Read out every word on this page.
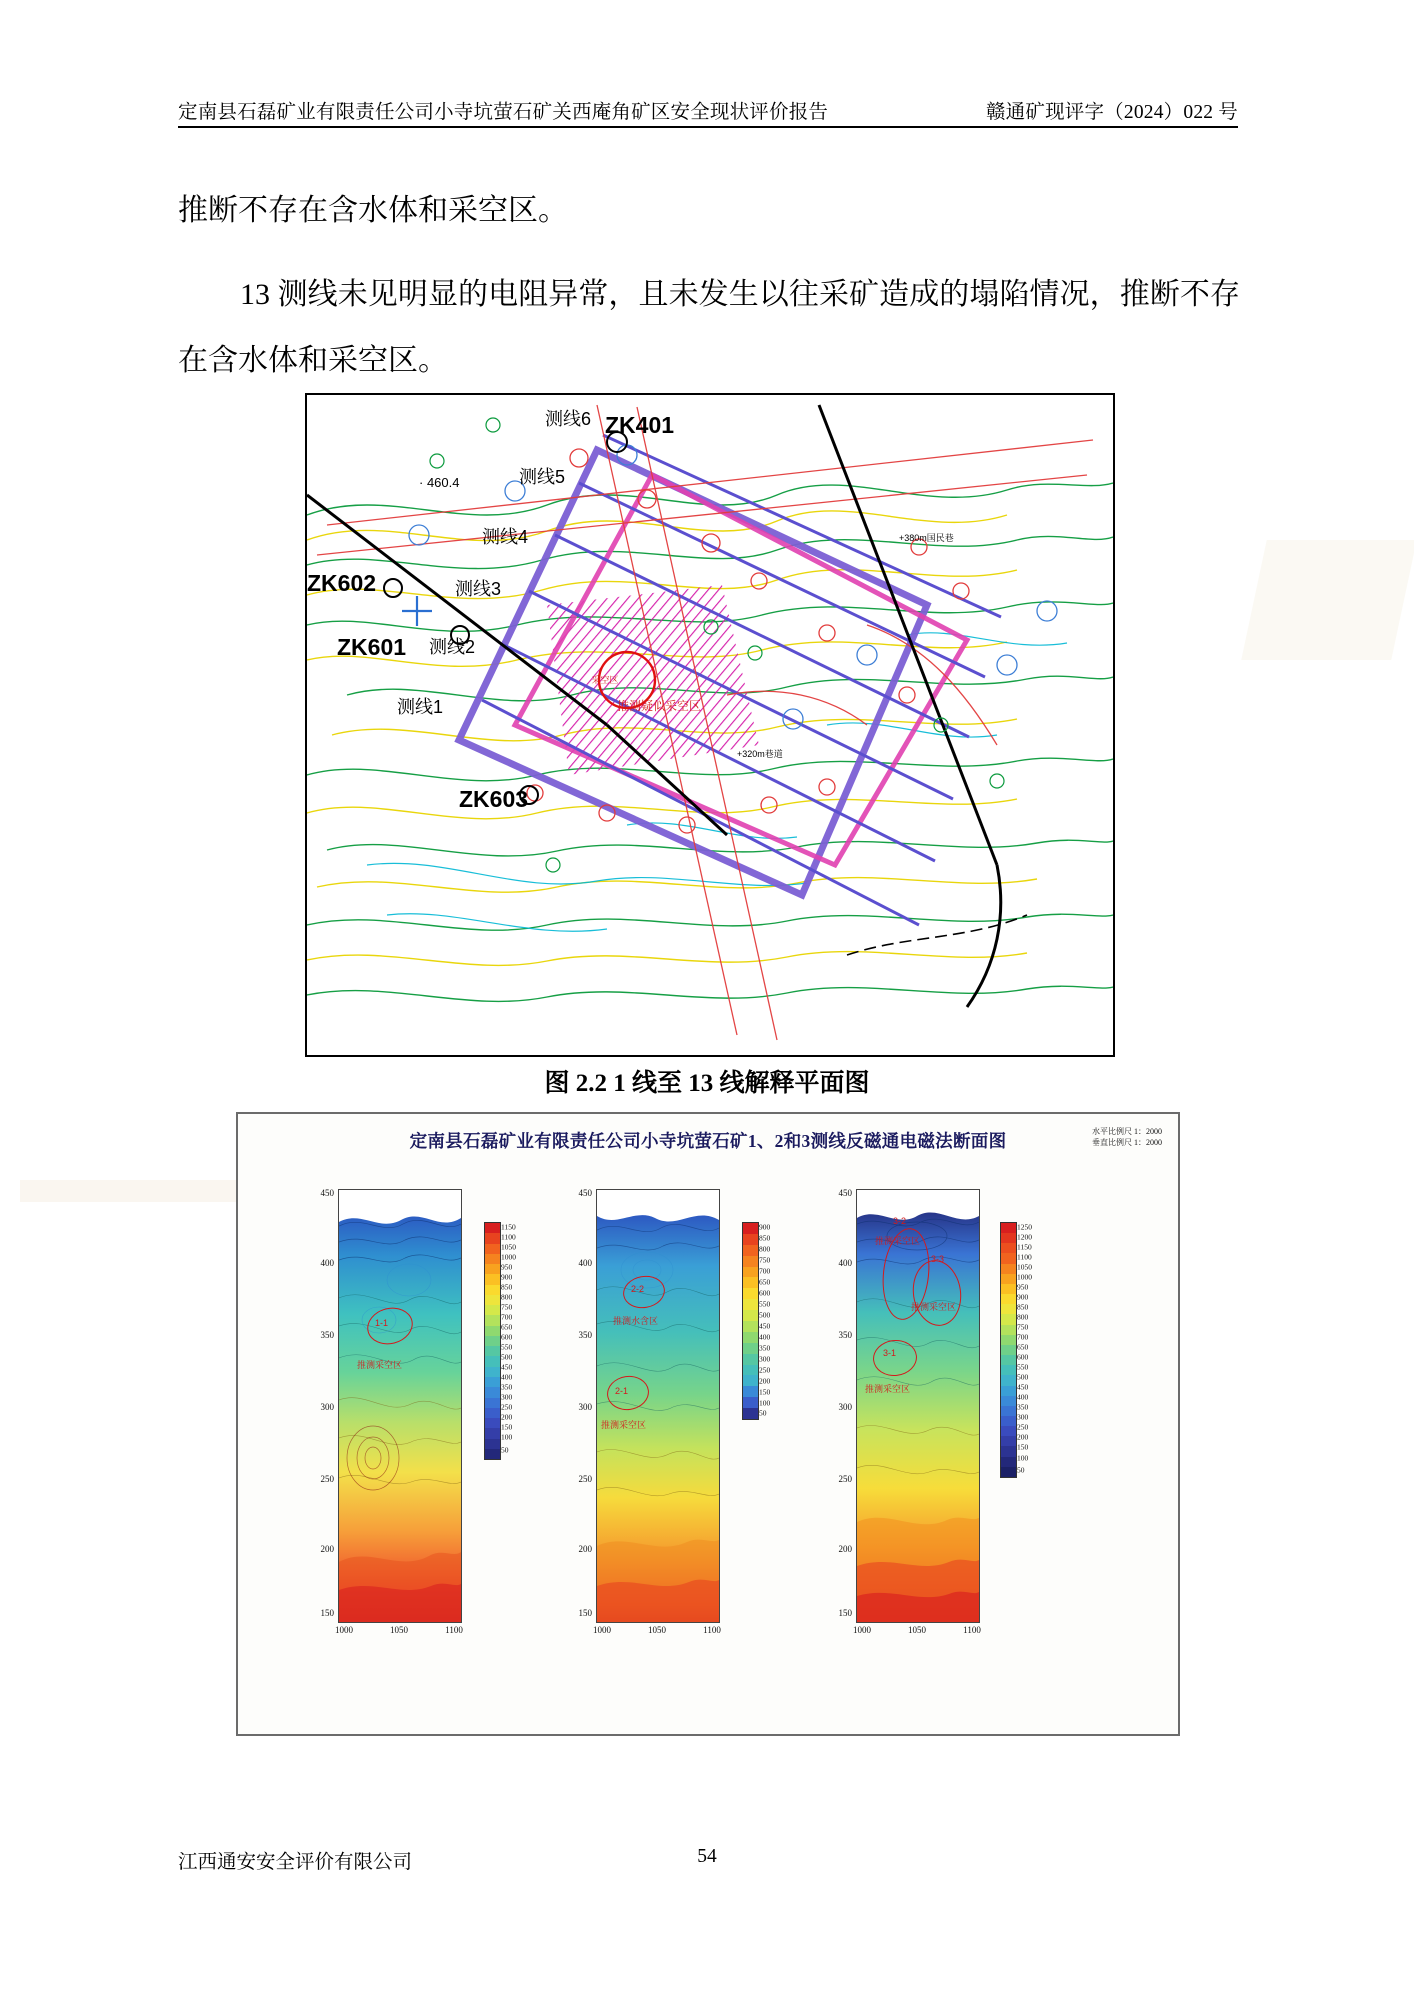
定南县石磊矿业有限责任公司小寺坑萤石矿关西庵角矿区安全现状评价报告	赣通矿现评字（2024）022 号
推断不存在含水体和采空区。
13 测线未见明显的电阻异常，且未发生以往采矿造成的塌陷情况，推断不存在含水体和采空区。
ZK401
ZK602
ZK601
ZK603
测线6
测线5
测线4
测线3
测线2
测线1
· 460.4
+380m国民巷
+320m巷道
采空区
推测疑似采空区
图 2.2 1 线至 13 线解释平面图
定南县石磊矿业有限责任公司小寺坑萤石矿1、2和3测线反磁通电磁法断面图	水平比例尺 1：2000
垂直比例尺 1：2000
450
400
350
300
250
200
150
1-1
推测采空区
1000	1050	1100
1150
1100
1050
1000
950
900
850
800
750
700
650
600
550
500
450
400
350
300
250
200
150
100
50
450
400
350
300
250
200
150
2-2
推测水含区
2-1
推测采空区
1000	1050	1100
900
850
800
750
700
650
600
550
500
450
400
350
300
250
200
150
100
50
450
400
350
300
250
200
150
3-2
推测采空区
3-3
推测采空区
3-1
推测采空区
1000	1050	1100
1250
1200
1150
1100
1050
1000
950
900
850
800
750
700
650
600
550
500
450
400
350
300
250
200
150
100
50
江西通安安全评价有限公司	54
